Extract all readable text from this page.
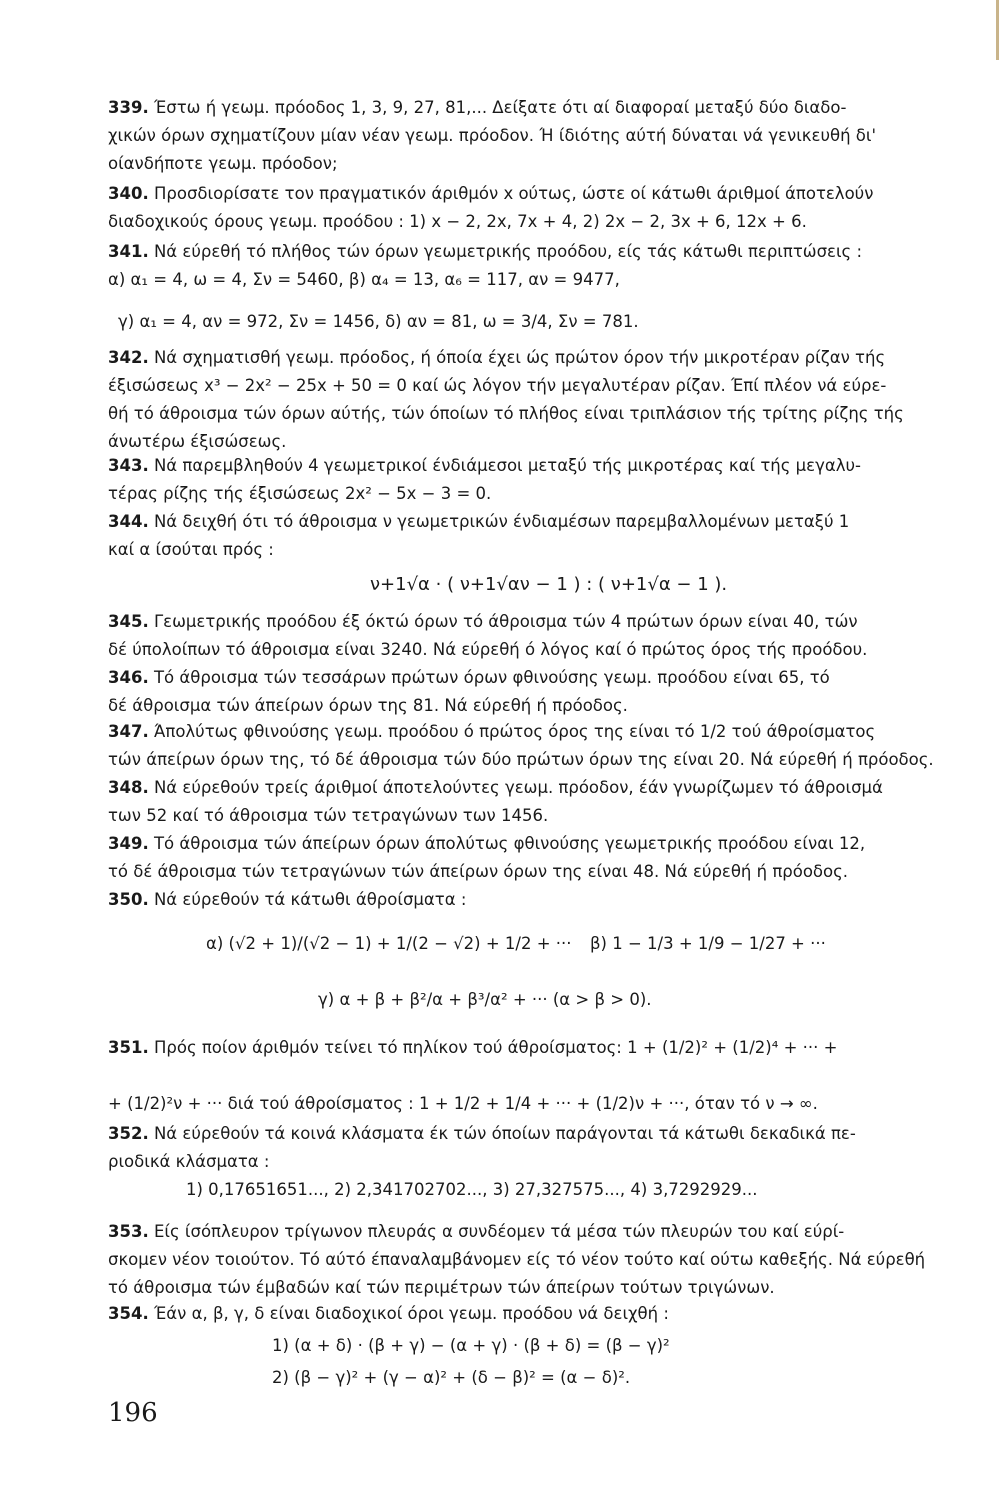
339. Έστω ή γεωμ. πρόοδος 1, 3, 9, 27, 81,... Δείξατε ότι αί διαφοραί μεταξύ δύο διαδο-
χικών όρων σχηματίζουν μίαν νέαν γεωμ. πρόοδον. Ή ίδιότης αύτή δύναται νά γενικευθή δι'
οίανδήποτε γεωμ. πρόοδον;
340. Προσδιορίσατε τον πραγματικόν άριθμόν x ούτως, ώστε οί κάτωθι άριθμοί άποτελούν
διαδοχικούς όρους γεωμ. προόδου : 1) x − 2, 2x, 7x + 4, 2) 2x − 2, 3x + 6, 12x + 6.
341. Νά εύρεθή τό πλήθος τών όρων γεωμετρικής προόδου, είς τάς κάτωθι περιπτώσεις :
α) α₁ = 4, ω = 4, Σν = 5460, β) α₄ = 13, α₆ = 117, αν = 9477,
γ) α₁ = 4, αν = 972, Σν = 1456, δ) αν = 81, ω = 3/4, Σν = 781.
342. Νά σχηματισθή γεωμ. πρόοδος, ή όποία έχει ώς πρώτον όρον τήν μικροτέραν ρίζαν τής
έξισώσεως x³ − 2x² − 25x + 50 = 0 καί ώς λόγον τήν μεγαλυτέραν ρίζαν. Έπί πλέον νά εύρε-
θή τό άθροισμα τών όρων αύτής, τών όποίων τό πλήθος είναι τριπλάσιον τής τρίτης ρίζης τής
άνωτέρω έξισώσεως.
343. Νά παρεμβληθούν 4 γεωμετρικοί ένδιάμεσοι μεταξύ τής μικροτέρας καί τής μεγαλυ-
τέρας ρίζης τής έξισώσεως 2x² − 5x − 3 = 0.
344. Νά δειχθή ότι τό άθροισμα ν γεωμετρικών ένδιαμέσων παρεμβαλλομένων μεταξύ 1
καί α ίσούται πρός :
ν+1√α · ( ν+1√αν − 1 ) : ( ν+1√α − 1 ).
345. Γεωμετρικής προόδου έξ όκτώ όρων τό άθροισμα τών 4 πρώτων όρων είναι 40, τών
δέ ύπολοίπων τό άθροισμα είναι 3240. Νά εύρεθή ό λόγος καί ό πρώτος όρος τής προόδου.
346. Τό άθροισμα τών τεσσάρων πρώτων όρων φθινούσης γεωμ. προόδου είναι 65, τό
δέ άθροισμα τών άπείρων όρων της 81. Νά εύρεθή ή πρόοδος.
347. Άπολύτως φθινούσης γεωμ. προόδου ό πρώτος όρος της είναι τό 1/2 τού άθροίσματος
τών άπείρων όρων της, τό δέ άθροισμα τών δύο πρώτων όρων της είναι 20. Νά εύρεθή ή πρόοδος.
348. Νά εύρεθούν τρείς άριθμοί άποτελούντες γεωμ. πρόοδον, έάν γνωρίζωμεν τό άθροισμά
των 52 καί τό άθροισμα τών τετραγώνων των 1456.
349. Τό άθροισμα τών άπείρων όρων άπολύτως φθινούσης γεωμετρικής προόδου είναι 12,
τό δέ άθροισμα τών τετραγώνων τών άπείρων όρων της είναι 48. Νά εύρεθή ή πρόοδος.
350. Νά εύρεθούν τά κάτωθι άθροίσματα :
α) (√2 + 1)/(√2 − 1) + 1/(2 − √2) + 1/2 + ··· β) 1 − 1/3 + 1/9 − 1/27 + ···
γ) α + β + β²/α + β³/α² + ··· (α > β > 0).
351. Πρός ποίον άριθμόν τείνει τό πηλίκον τού άθροίσματος: 1 + (1/2)² + (1/2)⁴ + ··· +
+ (1/2)²ν + ··· διά τού άθροίσματος : 1 + 1/2 + 1/4 + ··· + (1/2)ν + ···, όταν τό ν → ∞.
352. Νά εύρεθούν τά κοινά κλάσματα έκ τών όποίων παράγονται τά κάτωθι δεκαδικά πε-
ριοδικά κλάσματα :
1) 0,17651651..., 2) 2,341702702..., 3) 27,327575..., 4) 3,7292929...
353. Είς ίσόπλευρον τρίγωνον πλευράς α συνδέομεν τά μέσα τών πλευρών του καί εύρί-
σκομεν νέον τοιούτον. Τό αύτό έπαναλαμβάνομεν είς τό νέον τούτο καί ούτω καθεξής. Νά εύρεθή
τό άθροισμα τών έμβαδών καί τών περιμέτρων τών άπείρων τούτων τριγώνων.
354. Έάν α, β, γ, δ είναι διαδοχικοί όροι γεωμ. προόδου νά δειχθή :
1) (α + δ) · (β + γ) − (α + γ) · (β + δ) = (β − γ)²
2) (β − γ)² + (γ − α)² + (δ − β)² = (α − δ)².
196
